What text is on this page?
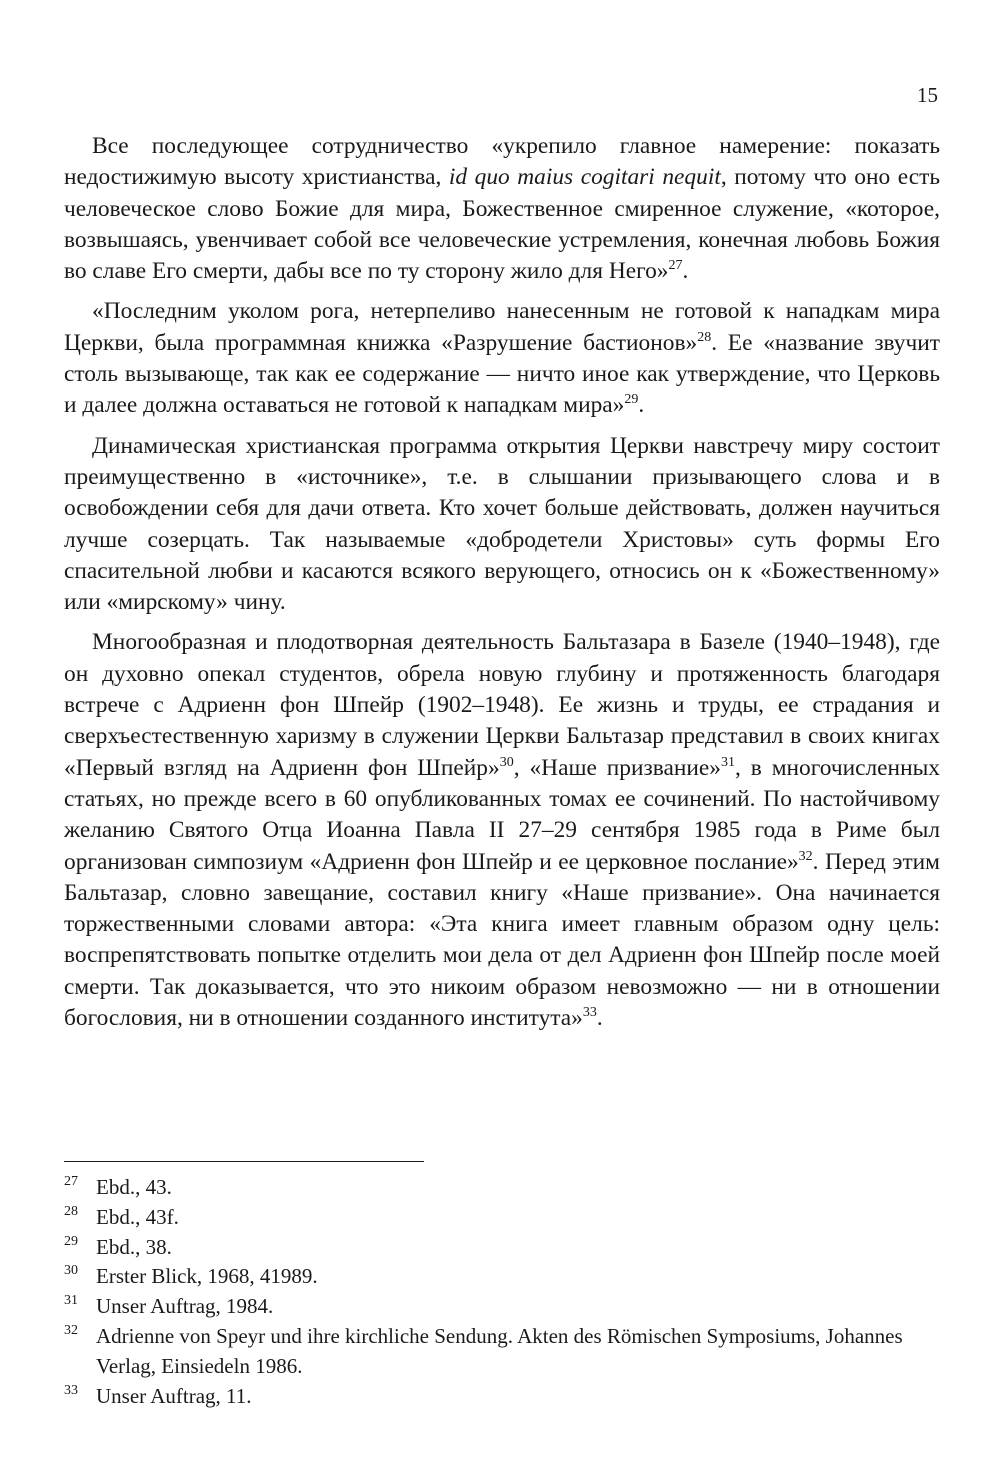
15

Все последующее сотрудничество «укрепило главное намерение: показать недостижимую высоту христианства, id quo maius cogitari nequit, потому что оно есть человеческое слово Божие для мира, Божественное смиренное служение, «которое, возвышаясь, увенчивает собой все человеческие устремления, конечная любовь Божия во славе Его смерти, дабы все по ту сторону жило для Него»$^{27}$.

«Последним уколом рога, нетерпеливо нанесенным не готовой к нападкам мира Церкви, была программная книжка «Разрушение бастионов»$^{28}$. Ее «название звучит столь вызывающе, так как ее содержание — ничто иное как утверждение, что Церковь и далее должна оставаться не готовой к нападкам мира»$^{29}$.

Динамическая христианская программа открытия Церкви навстречу миру состоит преимущественно в «источнике», т.е. в слышании призывающего слова и в освобождении себя для дачи ответа. Кто хочет больше действовать, должен научиться лучше созерцать. Так называемые «добродетели Христовы» суть формы Его спасительной любви и касаются всякого верующего, относись он к «Божественному» или «мирскому» чину.

Многообразная и плодотворная деятельность Бальтазара в Базеле (1940–1948), где он духовно опекал студентов, обрела новую глубину и протяженность благодаря встрече с Адриенн фон Шпейр (1902–1948). Ее жизнь и труды, ее страдания и сверхъестественную харизму в служении Церкви Бальтазар представил в своих книгах «Первый взгляд на Адриенн фон Шпейр»$^{30}$, «Наше призвание»$^{31}$, в многочисленных статьях, но прежде всего в 60 опубликованных томах ее сочинений. По настойчивому желанию Святого Отца Иоанна Павла II 27–29 сентября 1985 года в Риме был организован симпозиум «Адриенн фон Шпейр и ее церковное послание»$^{32}$. Перед этим Бальтазар, словно завещание, составил книгу «Наше призвание». Она начинается торжественными словами автора: «Эта книга имеет главным образом одну цель: воспрепятствовать попытке отделить мои дела от дел Адриенн фон Шпейр после моей смерти. Так доказывается, что это никоим образом невозможно — ни в отношении богословия, ни в отношении созданного института»$^{33}$.

27 Ebd., 43.
28 Ebd., 43f.
29 Ebd., 38.
30 Erster Blick, 1968, 41989.
31 Unser Auftrag, 1984.
32 Adrienne von Speyr und ihre kirchliche Sendung. Akten des Römischen Symposiums, Johannes Verlag, Einsiedeln 1986.
33 Unser Auftrag, 11.
